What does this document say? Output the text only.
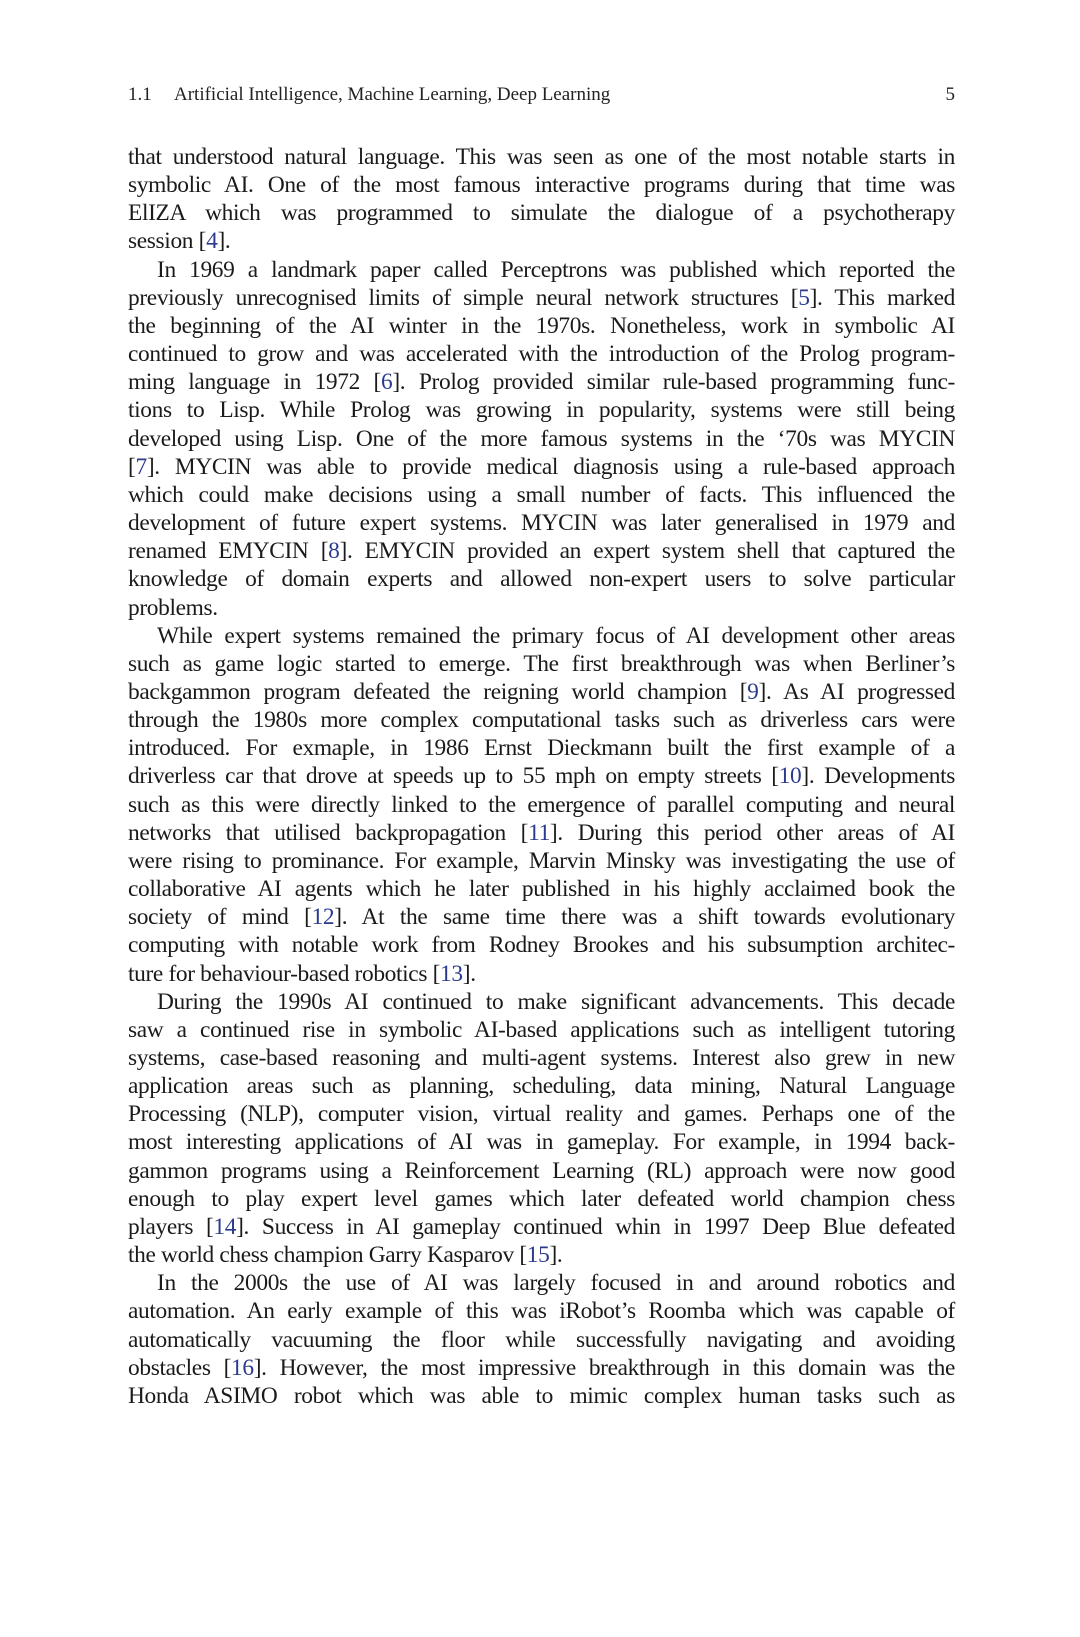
1.1 Artificial Intelligence, Machine Learning, Deep Learning	5
that understood natural language. This was seen as one of the most notable starts in
symbolic AI. One of the most famous interactive programs during that time was
ElIZA which was programmed to simulate the dialogue of a psychotherapy
session [4].
In 1969 a landmark paper called Perceptrons was published which reported the
previously unrecognised limits of simple neural network structures [5]. This marked
the beginning of the AI winter in the 1970s. Nonetheless, work in symbolic AI
continued to grow and was accelerated with the introduction of the Prolog program-
ming language in 1972 [6]. Prolog provided similar rule-based programming func-
tions to Lisp. While Prolog was growing in popularity, systems were still being
developed using Lisp. One of the more famous systems in the ‘70s was MYCIN
[7]. MYCIN was able to provide medical diagnosis using a rule-based approach
which could make decisions using a small number of facts. This influenced the
development of future expert systems. MYCIN was later generalised in 1979 and
renamed EMYCIN [8]. EMYCIN provided an expert system shell that captured the
knowledge of domain experts and allowed non-expert users to solve particular
problems.
While expert systems remained the primary focus of AI development other areas
such as game logic started to emerge. The first breakthrough was when Berliner’s
backgammon program defeated the reigning world champion [9]. As AI progressed
through the 1980s more complex computational tasks such as driverless cars were
introduced. For exmaple, in 1986 Ernst Dieckmann built the first example of a
driverless car that drove at speeds up to 55 mph on empty streets [10]. Developments
such as this were directly linked to the emergence of parallel computing and neural
networks that utilised backpropagation [11]. During this period other areas of AI
were rising to prominance. For example, Marvin Minsky was investigating the use of
collaborative AI agents which he later published in his highly acclaimed book the
society of mind [12]. At the same time there was a shift towards evolutionary
computing with notable work from Rodney Brookes and his subsumption architec-
ture for behaviour-based robotics [13].
During the 1990s AI continued to make significant advancements. This decade
saw a continued rise in symbolic AI-based applications such as intelligent tutoring
systems, case-based reasoning and multi-agent systems. Interest also grew in new
application areas such as planning, scheduling, data mining, Natural Language
Processing (NLP), computer vision, virtual reality and games. Perhaps one of the
most interesting applications of AI was in gameplay. For example, in 1994 back-
gammon programs using a Reinforcement Learning (RL) approach were now good
enough to play expert level games which later defeated world champion chess
players [14]. Success in AI gameplay continued whin in 1997 Deep Blue defeated
the world chess champion Garry Kasparov [15].
In the 2000s the use of AI was largely focused in and around robotics and
automation. An early example of this was iRobot’s Roomba which was capable of
automatically vacuuming the floor while successfully navigating and avoiding
obstacles [16]. However, the most impressive breakthrough in this domain was the
Honda ASIMO robot which was able to mimic complex human tasks such as
